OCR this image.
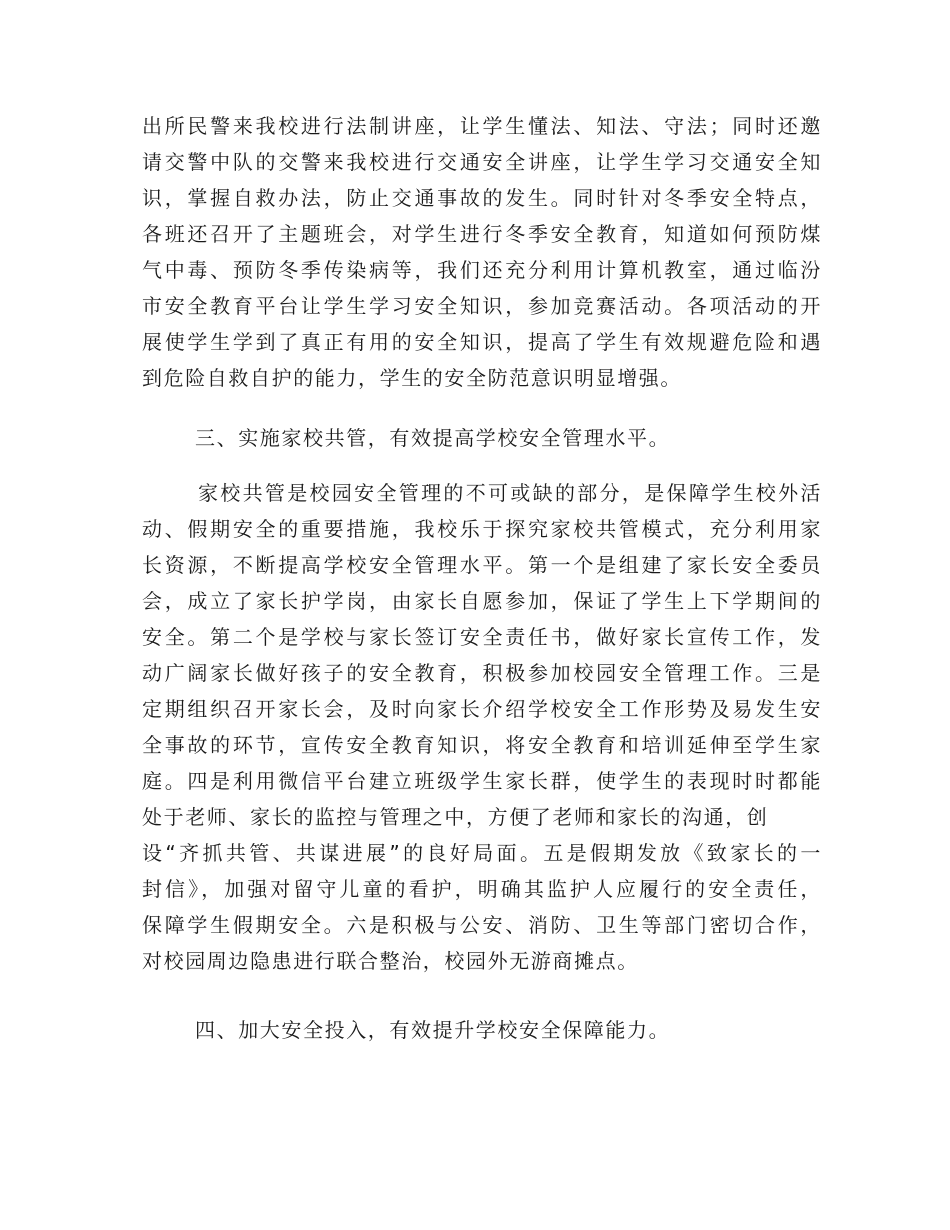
出所民警来我校进行法制讲座，让学生懂法、知法、守法；同时还邀
请交警中队的交警来我校进行交通安全讲座，让学生学习交通安全知
识，掌握自救办法，防止交通事故的发生。同时针对冬季安全特点，
各班还召开了主题班会，对学生进行冬季安全教育，知道如何预防煤
气中毒、预防冬季传染病等，我们还充分利用计算机教室，通过临汾
市安全教育平台让学生学习安全知识，参加竞赛活动。各项活动的开
展使学生学到了真正有用的安全知识，提高了学生有效规避危险和遇
到危险自救自护的能力，学生的安全防范意识明显增强。
三、实施家校共管，有效提高学校安全管理水平。
家校共管是校园安全管理的不可或缺的部分，是保障学生校外活
动、假期安全的重要措施，我校乐于探究家校共管模式，充分利用家
长资源，不断提高学校安全管理水平。第一个是组建了家长安全委员
会，成立了家长护学岗，由家长自愿参加，保证了学生上下学期间的
安全。第二个是学校与家长签订安全责任书，做好家长宣传工作，发
动广阔家长做好孩子的安全教育，积极参加校园安全管理工作。三是
定期组织召开家长会，及时向家长介绍学校安全工作形势及易发生安
全事故的环节，宣传安全教育知识，将安全教育和培训延伸至学生家
庭。四是利用微信平台建立班级学生家长群，使学生的表现时时都能
处于老师、家长的监控与管理之中，方便了老师和家长的沟通，创
设“齐抓共管、共谋进展”的良好局面。五是假期发放《致家长的一
封信》，加强对留守儿童的看护，明确其监护人应履行的安全责任，
保障学生假期安全。六是积极与公安、消防、卫生等部门密切合作，
对校园周边隐患进行联合整治，校园外无游商摊点。
四、加大安全投入，有效提升学校安全保障能力。
